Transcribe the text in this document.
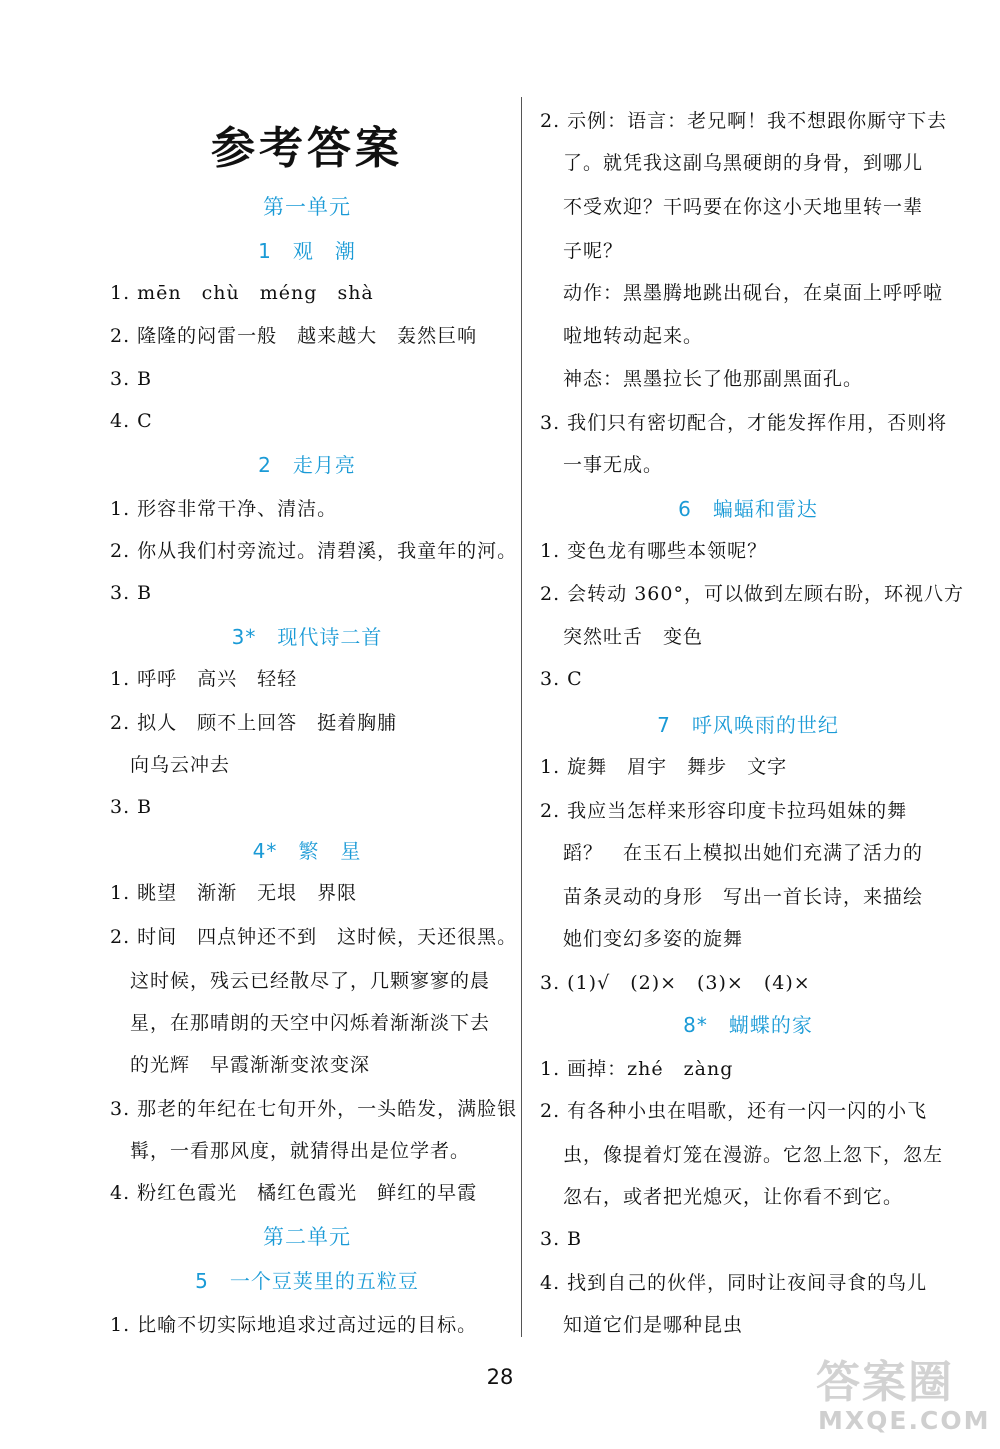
参考答案
第一单元
1　观　潮
1. mēn　chù　méng　shà
2. 隆隆的闷雷一般　越来越大　轰然巨响
3. B
4. C
2　走月亮
1. 形容非常干净、清洁。
2. 你从我们村旁流过。清碧溪，我童年的河。
3. B
3*　现代诗二首
1. 呼呼　高兴　轻轻
2. 拟人　顾不上回答　挺着胸脯
向乌云冲去
3. B
4*　繁　星
1. 眺望　渐渐　无垠　界限
2. 时间　四点钟还不到　这时候，天还很黑。
这时候，残云已经散尽了，几颗寥寥的晨
星，在那晴朗的天空中闪烁着渐渐淡下去
的光辉　早霞渐渐变浓变深
3. 那老的年纪在七旬开外，一头皓发，满脸银
髯，一看那风度，就猜得出是位学者。
4. 粉红色霞光　橘红色霞光　鲜红的早霞
第二单元
5　一个豆荚里的五粒豆
1. 比喻不切实际地追求过高过远的目标。
2. 示例：语言：老兄啊！我不想跟你厮守下去
了。就凭我这副乌黑硬朗的身骨，到哪儿
不受欢迎？干吗要在你这小天地里转一辈
子呢？
动作：黑墨腾地跳出砚台，在桌面上呼呼啦
啦地转动起来。
神态：黑墨拉长了他那副黑面孔。
3. 我们只有密切配合，才能发挥作用，否则将
一事无成。
6　蝙蝠和雷达
1. 变色龙有哪些本领呢？
2. 会转动 360°，可以做到左顾右盼，环视八方
突然吐舌　变色
3. C
7　呼风唤雨的世纪
1. 旋舞　眉宇　舞步　文字
2. 我应当怎样来形容印度卡拉玛姐妹的舞
蹈？　在玉石上模拟出她们充满了活力的
苗条灵动的身形　写出一首长诗，来描绘
她们变幻多姿的旋舞
3. (1)√　(2)×　(3)×　(4)×
8*　蝴蝶的家
1. 画掉：zhé　zàng
2. 有各种小虫在唱歌，还有一闪一闪的小飞
虫，像提着灯笼在漫游。它忽上忽下，忽左
忽右，或者把光熄灭，让你看不到它。
3. B
4. 找到自己的伙伴，同时让夜间寻食的鸟儿
知道它们是哪种昆虫
28	答案圈
MXQE.COM
